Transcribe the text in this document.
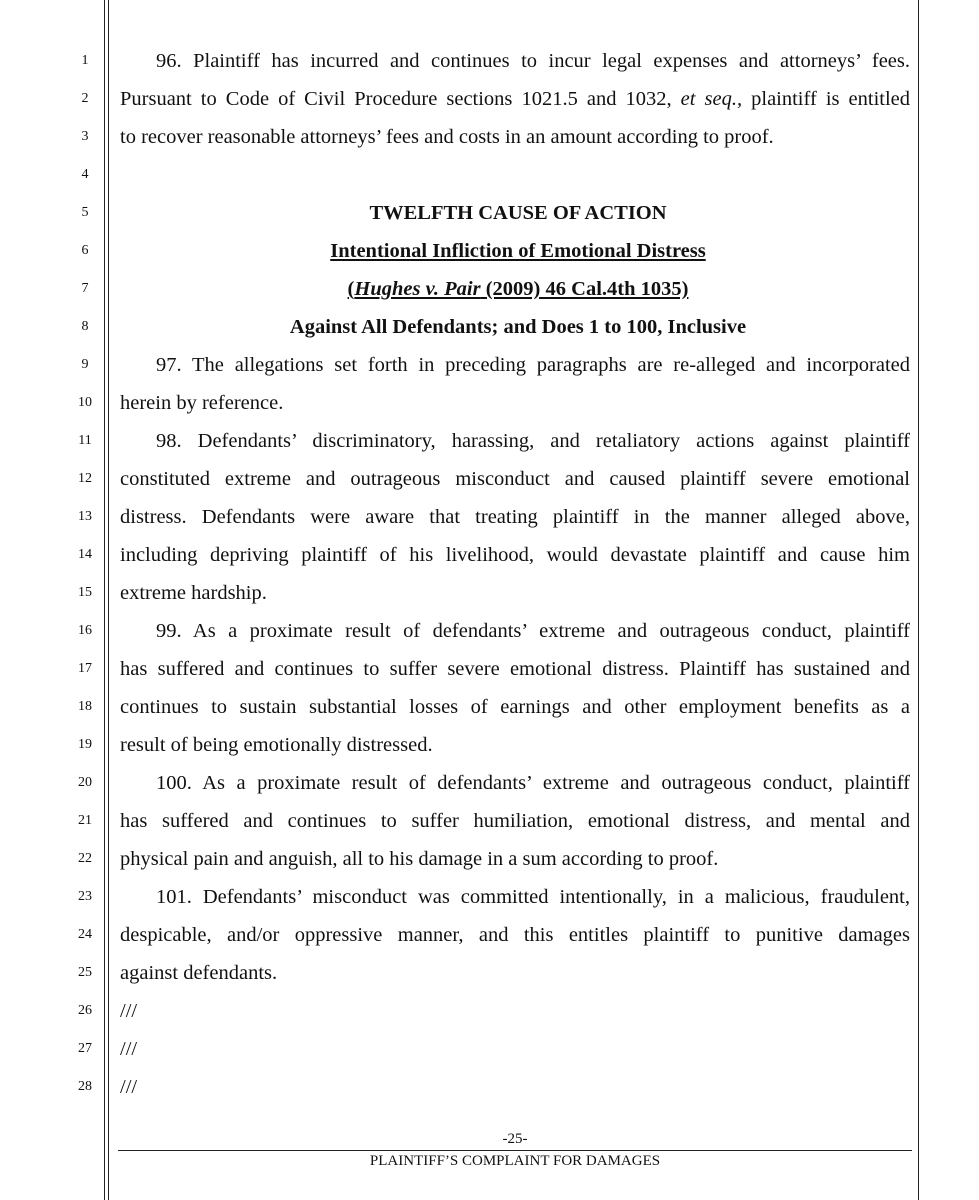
1
2
3
4
5
6
7
8
9
10
11
12
13
14
15
16
17
18
19
20
21
22
23
24
25
26
27
28
96. Plaintiff has incurred and continues to incur legal expenses and attorneys’ fees.
Pursuant to Code of Civil Procedure sections 1021.5 and 1032, et seq., plaintiff is entitled
to recover reasonable attorneys’ fees and costs in an amount according to proof.
TWELFTH CAUSE OF ACTION
Intentional Infliction of Emotional Distress
(Hughes v. Pair (2009) 46 Cal.4th 1035)
Against All Defendants; and Does 1 to 100, Inclusive
97. The allegations set forth in preceding paragraphs are re-alleged and incorporated
herein by reference.
98. Defendants’ discriminatory, harassing, and retaliatory actions against plaintiff
constituted extreme and outrageous misconduct and caused plaintiff severe emotional
distress. Defendants were aware that treating plaintiff in the manner alleged above,
including depriving plaintiff of his livelihood, would devastate plaintiff and cause him
extreme hardship.
99. As a proximate result of defendants’ extreme and outrageous conduct, plaintiff
has suffered and continues to suffer severe emotional distress. Plaintiff has sustained and
continues to sustain substantial losses of earnings and other employment benefits as a
result of being emotionally distressed.
100. As a proximate result of defendants’ extreme and outrageous conduct, plaintiff
has suffered and continues to suffer humiliation, emotional distress, and mental and
physical pain and anguish, all to his damage in a sum according to proof.
101. Defendants’ misconduct was committed intentionally, in a malicious, fraudulent,
despicable, and/or oppressive manner, and this entitles plaintiff to punitive damages
against defendants.
///
///
///
-25-
PLAINTIFF’S COMPLAINT FOR DAMAGES
